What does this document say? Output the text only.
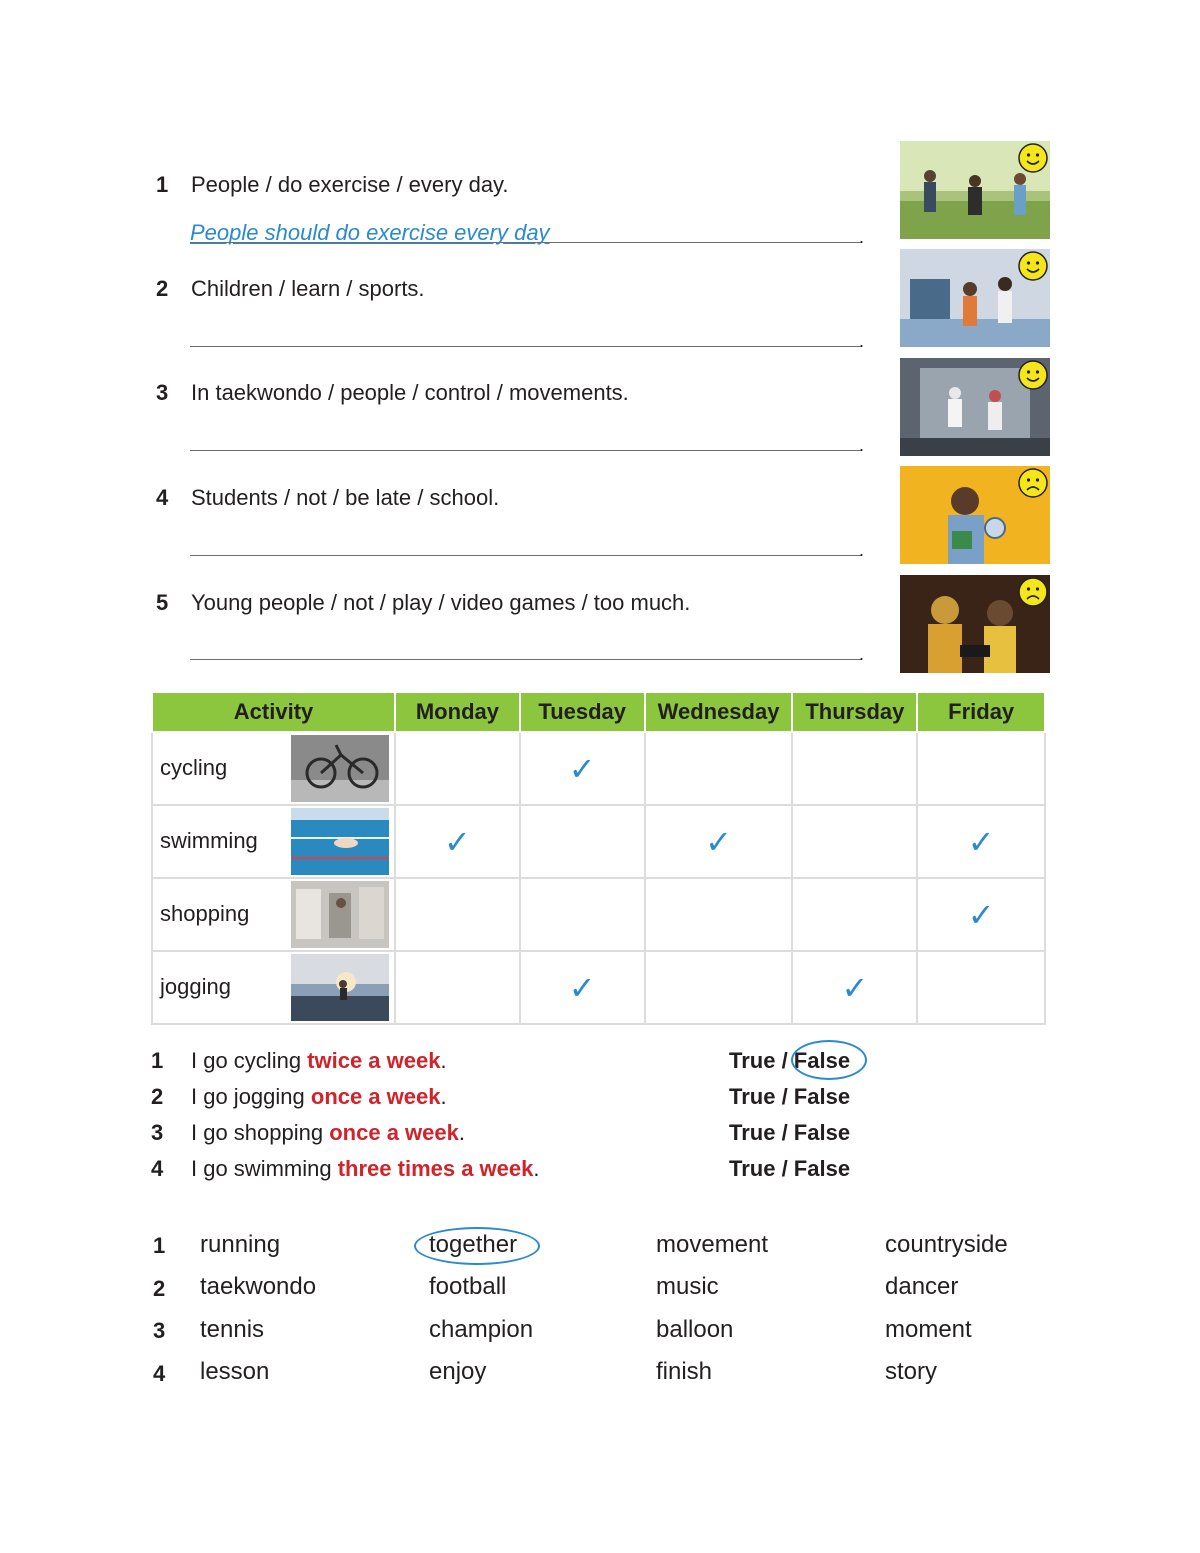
1 People / do exercise / every day.
People should do exercise every day	.
2 Children / learn / sports.
.
3 In taekwondo / people / control / movements.
.
4 Students / not / be late / school.
.
5 Young people / not / play / video games / too much.
.
Activity	Monday	Tuesday	Wednesday	Thursday	Friday

cycling		✓			

swimming	✓		✓		✓

shopping					✓

jogging		✓		✓	
1 I go cycling twice a week.	True / False
2 I go jogging once a week.	True / False
3 I go shopping once a week.	True / False
4 I go swimming three times a week.	True / False
1 running	together	movement	countryside
2 taekwondo	football	music	dancer
3 tennis	champion	balloon	moment
4 lesson	enjoy	finish	story
